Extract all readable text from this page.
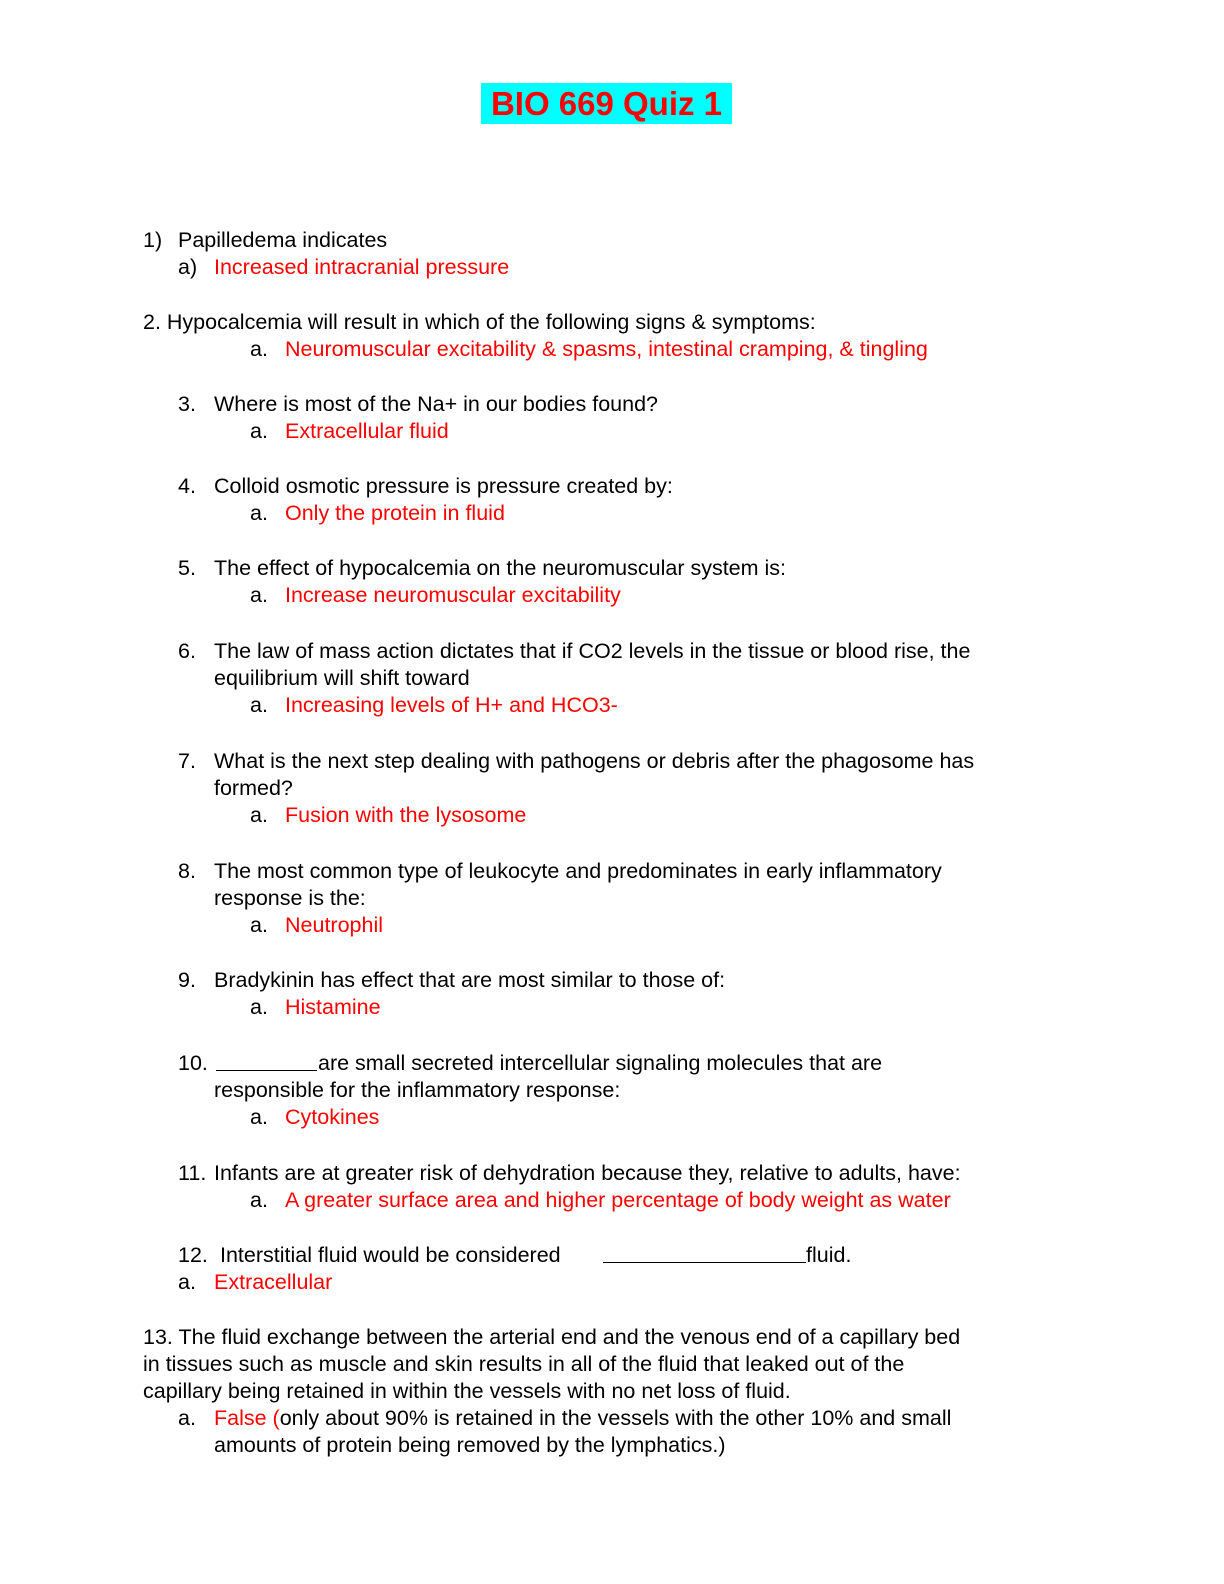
BIO 669 Quiz 1
1) Papilledema indicates
a) Increased intracranial pressure
2. Hypocalcemia will result in which of the following signs & symptoms:
a. Neuromuscular excitability & spasms, intestinal cramping, & tingling
3. Where is most of the Na+ in our bodies found?
a. Extracellular fluid
4. Colloid osmotic pressure is pressure created by:
a. Only the protein in fluid
5. The effect of hypocalcemia on the neuromuscular system is:
a. Increase neuromuscular excitability
6. The law of mass action dictates that if CO2 levels in the tissue or blood rise, the
equilibrium will shift toward
a. Increasing levels of H+ and HCO3-
7. What is the next step dealing with pathogens or debris after the phagosome has
formed?
a. Fusion with the lysosome
8. The most common type of leukocyte and predominates in early inflammatory
response is the:
a. Neutrophil
9. Bradykinin has effect that are most similar to those of:
a. Histamine
10.	are small secreted intercellular signaling molecules that are
responsible for the inflammatory response:
a. Cytokines
11. Infants are at greater risk of dehydration because they, relative to adults, have:
a. A greater surface area and higher percentage of body weight as water
12. Interstitial fluid would be considered	fluid.
a. Extracellular
13. The fluid exchange between the arterial end and the venous end of a capillary bed
in tissues such as muscle and skin results in all of the fluid that leaked out of the
capillary being retained in within the vessels with no net loss of fluid.
a. False (only about 90% is retained in the vessels with the other 10% and small
amounts of protein being removed by the lymphatics.)
